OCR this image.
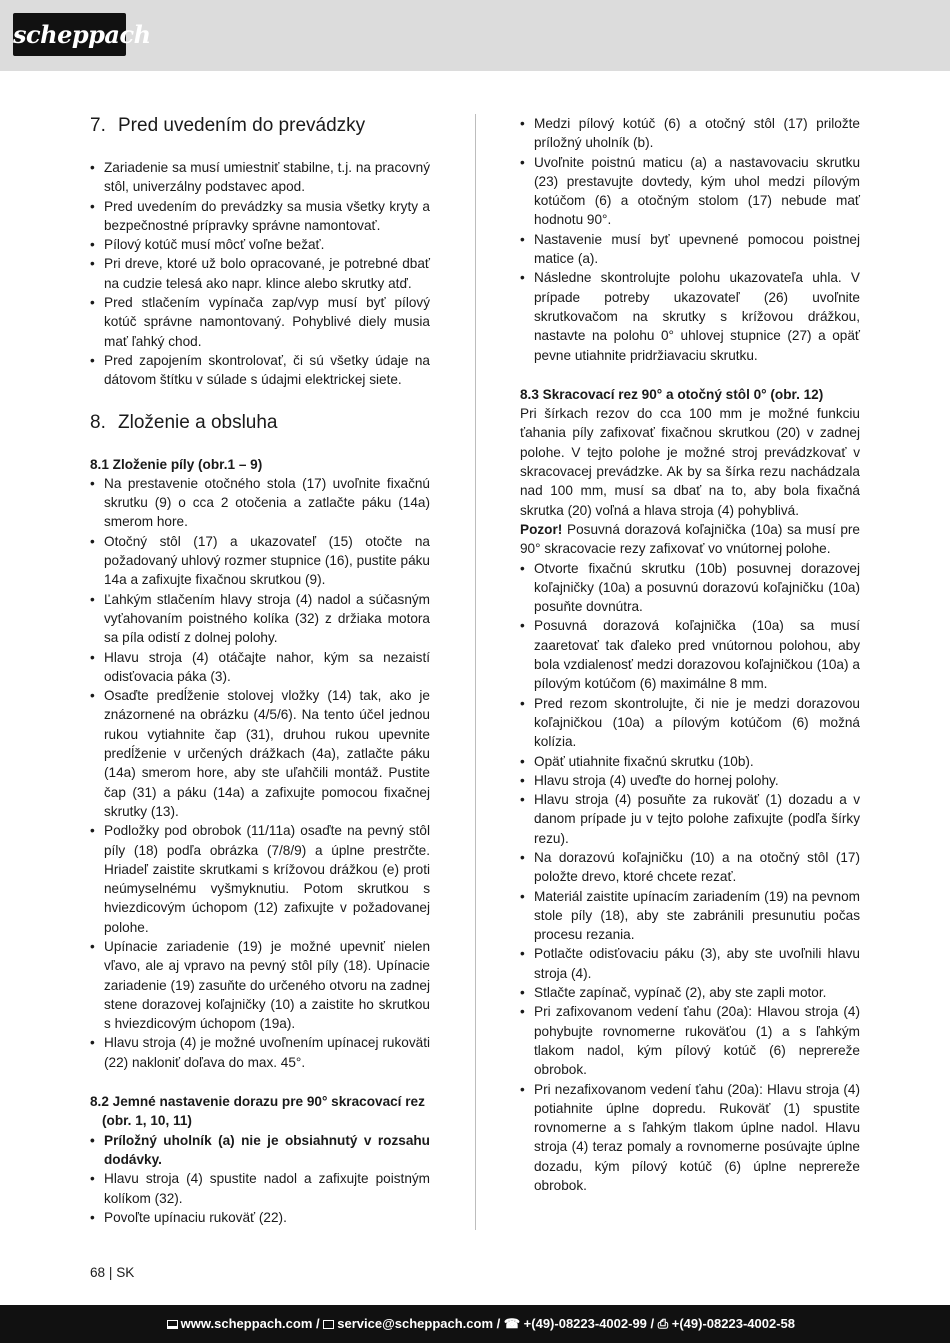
scheppach
7. Pred uvedením do prevádzky
• Zariadenie sa musí umiestniť stabilne, t.j. na pracovný stôl, univerzálny podstavec apod.
• Pred uvedením do prevádzky sa musia všetky kryty a bezpečnostné prípravky správne namontovať.
• Pílový kotúč musí môcť voľne bežať.
• Pri dreve, ktoré už bolo opracované, je potrebné dbať na cudzie telesá ako napr. klince alebo skrutky atď.
• Pred stlačením vypínača zap/vyp musí byť pílový kotúč správne namontovaný. Pohyblivé diely musia mať ľahký chod.
• Pred zapojením skontrolovať, či sú všetky údaje na dátovom štítku v súlade s údajmi elektrickej siete.
8. Zloženie a obsluha
8.1 Zloženie píly (obr.1 – 9)
• Na prestavenie otočného stola (17) uvoľnite fixačnú skrutku (9) o cca 2 otočenia a zatlačte páku (14a) smerom hore.
• Otočný stôl (17) a ukazovateľ (15) otočte na požadovaný uhlový rozmer stupnice (16), pustite páku 14a a zafixujte fixačnou skrutkou (9).
• Ľahkým stlačením hlavy stroja (4) nadol a súčasným vyťahovaním poistného kolíka (32) z držiaka motora sa píla odistí z dolnej polohy.
• Hlavu stroja (4) otáčajte nahor, kým sa nezaistí odisťovacia páka (3).
• Osaďte predĺženie stolovej vložky (14) tak, ako je znázornené na obrázku (4/5/6). Na tento účel jednou rukou vytiahnite čap (31), druhou rukou upevnite predĺženie v určených drážkach (4a), zatlačte páku (14a) smerom hore, aby ste uľahčili montáž. Pustite čap (31) a páku (14a) a zafixujte pomocou fixačnej skrutky (13).
• Podložky pod obrobok (11/11a) osaďte na pevný stôl píly (18) podľa obrázka (7/8/9) a úplne prestrčte. Hriadeľ zaistite skrutkami s krížovou drážkou (e) proti neúmyselnému vyšmyknutiu. Potom skrutkou s hviezdicovým úchopom (12) zafixujte v požadovanej polohe.
• Upínacie zariadenie (19) je možné upevniť nielen vľavo, ale aj vpravo na pevný stôl píly (18). Upínacie zariadenie (19) zasuňte do určeného otvoru na zadnej stene dorazovej koľajničky (10) a zaistite ho skrutkou s hviezdicovým úchopom (19a).
• Hlavu stroja (4) je možné uvoľnením upínacej rukoväti (22) nakloniť doľava do max. 45°.
8.2 Jemné nastavenie dorazu pre 90° skracovací rez (obr. 1, 10, 11)
• Príložný uholník (a) nie je obsiahnutý v rozsahu dodávky.
• Hlavu stroja (4) spustite nadol a zafixujte poistným kolíkom (32).
• Povoľte upínaciu rukoväť (22).
• Medzi pílový kotúč (6) a otočný stôl (17) priložte príložný uholník (b).
• Uvoľnite poistnú maticu (a) a nastavovaciu skrutku (23) prestavujte dovtedy, kým uhol medzi pílovým kotúčom (6) a otočným stolom (17) nebude mať hodnotu 90°.
• Nastavenie musí byť upevnené pomocou poistnej matice (a).
• Následne skontrolujte polohu ukazovateľa uhla. V prípade potreby ukazovateľ (26) uvoľnite skrutkovačom na skrutky s krížovou drážkou, nastavte na polohu 0° uhlovej stupnice (27) a opäť pevne utiahnite pridržiavaciu skrutku.
8.3 Skracovací rez 90° a otočný stôl 0° (obr. 12)

Pri šírkach rezov do cca 100 mm je možné funkciu ťahania píly zafixovať fixačnou skrutkou (20) v zadnej polohe. V tejto polohe je možné stroj prevádzkovať v skracovacej prevádzke. Ak by sa šírka rezu nachádzala nad 100 mm, musí sa dbať na to, aby bola fixačná skrutka (20) voľná a hlava stroja (4) pohyblivá.

Pozor! Posuvná dorazová koľajnička (10a) sa musí pre 90° skracovacie rezy zafixovať vo vnútornej polohe.

• Otvorte fixačnú skrutku (10b) posuvnej dorazovej koľajničky (10a) a posuvnú dorazovú koľajničku (10a) posuňte dovnútra.
• Posuvná dorazová koľajnička (10a) sa musí zaaretovať tak ďaleko pred vnútornou polohou, aby bola vzdialenosť medzi dorazovou koľajničkou (10a) a pílovým kotúčom (6) maximálne 8 mm.
• Pred rezom skontrolujte, či nie je medzi dorazovou koľajničkou (10a) a pílovým kotúčom (6) možná kolízia.
• Opäť utiahnite fixačnú skrutku (10b).
• Hlavu stroja (4) uveďte do hornej polohy.
• Hlavu stroja (4) posuňte za rukoväť (1) dozadu a v danom prípade ju v tejto polohe zafixujte (podľa šírky rezu).
• Na dorazovú koľajničku (10) a na otočný stôl (17) položte drevo, ktoré chcete rezať.
• Materiál zaistite upínacím zariadením (19) na pevnom stole píly (18), aby ste zabránili presunutiu počas procesu rezania.
• Potlačte odisťovaciu páku (3), aby ste uvoľnili hlavu stroja (4).
• Stlačte zapínač, vypínač (2), aby ste zapli motor.
• Pri zafixovanom vedení ťahu (20a): Hlavou stroja (4) pohybujte rovnomerne rukoväťou (1) a s ľahkým tlakom nadol, kým pílový kotúč (6) neprereže obrobok.
• Pri nezafixovanom vedení ťahu (20a): Hlavu stroja (4) potiahnite úplne dopredu. Rukoväť (1) spustite rovnomerne a s ľahkým tlakom úplne nadol. Hlavu stroja (4) teraz pomaly a rovnomerne posúvajte úplne dozadu, kým pílový kotúč (6) úplne neprereže obrobok.
68 | SK
www.scheppach.com / service@scheppach.com / ☎ +(49)-08223-4002-99 / ⎙ +(49)-08223-4002-58
